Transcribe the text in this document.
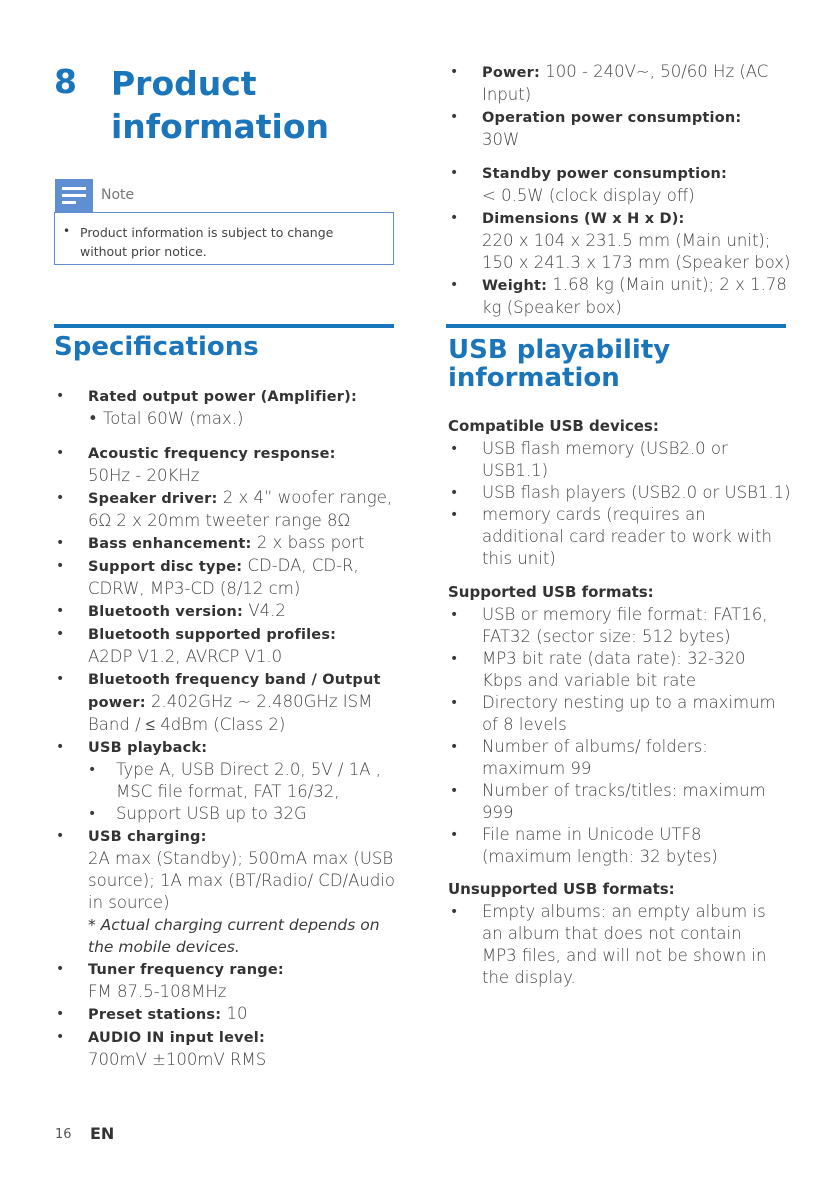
8 Product information
Note
• Product information is subject to change without prior notice.
Specifications
• Rated output power (Amplifier):
• Total 60W (max.)
• Acoustic frequency response:
50Hz - 20KHz
• Speaker driver: 2 x 4” woofer range, 6Ω 2 x 20mm tweeter range 8Ω
• Bass enhancement: 2 x bass port
• Support disc type: CD-DA, CD-R, CDRW, MP3-CD (8/12 cm)
• Bluetooth version: V4.2
• Bluetooth supported profiles:
A2DP V1.2, AVRCP V1.0
• Bluetooth frequency band / Output power: 2.402GHz ~ 2.480GHz ISM Band / ≤ 4dBm (Class 2)
• USB playback:
• Type A, USB Direct 2.0, 5V / 1A , MSC file format, FAT 16/32,
• Support USB up to 32G
• USB charging:
2A max (Standby); 500mA max (USB source); 1A max (BT/Radio/ CD/Audio in source)
* Actual charging current depends on the mobile devices.
• Tuner frequency range:
FM 87.5-108MHz
• Preset stations: 10
• AUDIO IN input level:
700mV ±100mV RMS
• Power: 100 - 240V~, 50/60 Hz (AC Input)
• Operation power consumption:
30W
• Standby power consumption:
< 0.5W (clock display off)
• Dimensions (W x H x D):
220 x 104 x 231.5 mm (Main unit); 150 x 241.3 x 173 mm (Speaker box)
• Weight: 1.68 kg (Main unit); 2 x 1.78 kg (Speaker box)
USB playability information
Compatible USB devices:
• USB flash memory (USB2.0 or USB1.1)
• USB flash players (USB2.0 or USB1.1)
• memory cards (requires an additional card reader to work with this unit)
Supported USB formats:
• USB or memory file format: FAT16, FAT32 (sector size: 512 bytes)
• MP3 bit rate (data rate): 32-320 Kbps and variable bit rate
• Directory nesting up to a maximum of 8 levels
• Number of albums/ folders: maximum 99
• Number of tracks/titles: maximum 999
• File name in Unicode UTF8 (maximum length: 32 bytes)
Unsupported USB formats:
• Empty albums: an empty album is an album that does not contain MP3 files, and will not be shown in the display.
16 EN
